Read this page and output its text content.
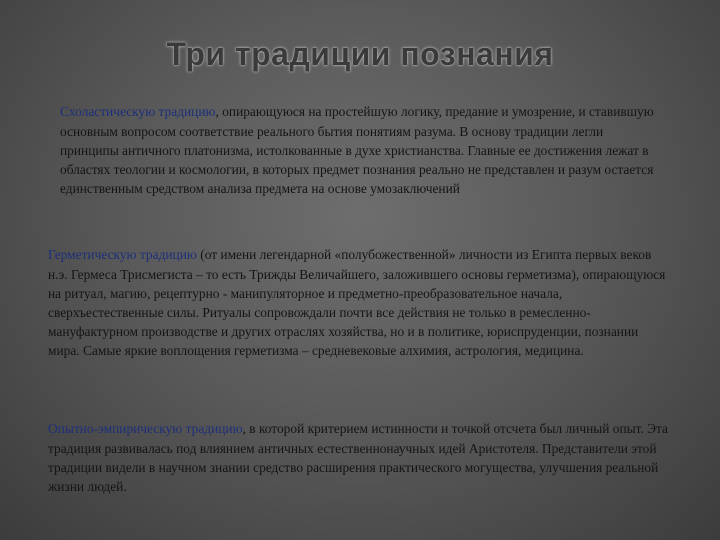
Три традиции познания

Схоластическую традицию, опирающуюся на простейшую логику, предание и умозрение, и ставившую основным вопросом соответствие реального бытия понятиям разума. В основу традиции легли принципы античного платонизма, истолкованные в духе христианства. Главные ее достижения лежат в областях теологии и космологии, в которых предмет познания реально не представлен и разум остается единственным средством анализа предмета на основе умозаключений

Герметическую традицию (от имени легендарной «полубожественной» личности из Египта первых веков н.э. Гермеса Трисмегиста – то есть Трижды Величайшего, заложившего основы герметизма), опирающуюся на ритуал, магию, рецептурно - манипуляторное и предметно-преобразовательное начала, сверхъестественные силы. Ритуалы сопровождали почти все действия не только в ремесленно-мануфактурном производстве и других отраслях хозяйства, но и в политике, юриспруденции, познании мира. Самые яркие воплощения герметизма – средневековые алхимия, астрология, медицина.

Опытно-эмпирическую традицию, в которой критерием истинности и точкой отсчета был личный опыт. Эта традиция развивалась под влиянием античных естественнонаучных идей Аристотеля. Представители этой традиции видели в научном знании средство расширения практического могущества, улучшения реальной жизни людей.
